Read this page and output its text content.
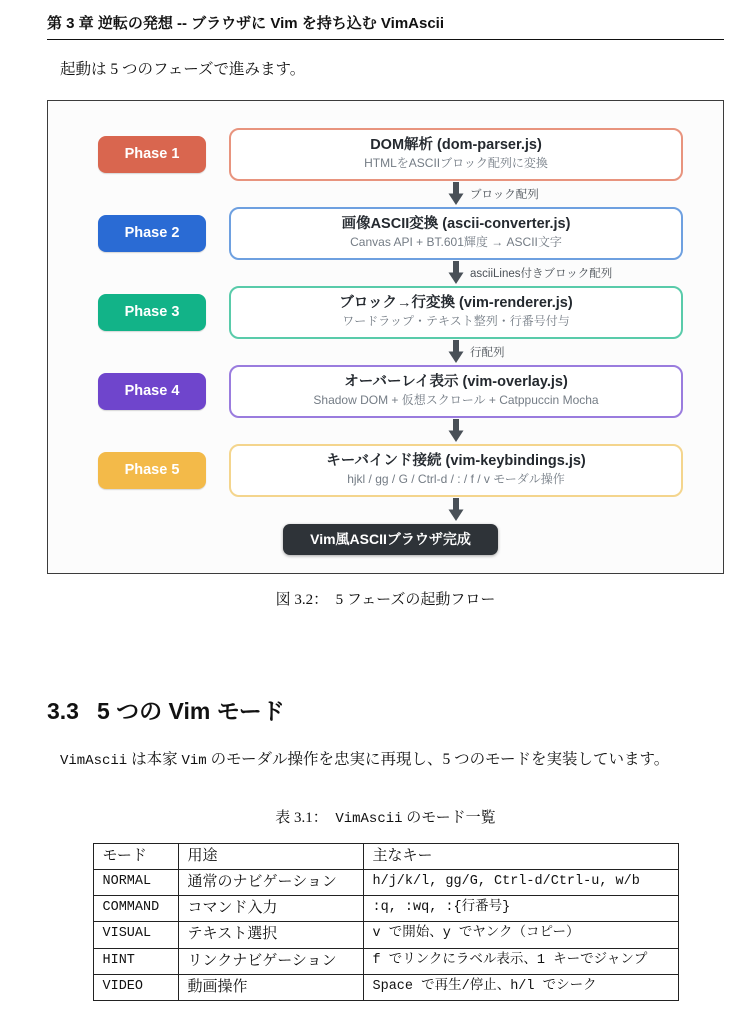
第 3 章 逆転の発想 -- ブラウザに Vim を持ち込む VimAscii

起動は 5 つのフェーズで進みます。

Phase 1
DOM解析 (dom-parser.js)
HTMLをASCIIブロック配列に変換
ブロック配列
Phase 2
画像ASCII変換 (ascii-converter.js)
Canvas API + BT.601輝度 → ASCII文字
asciiLines付きブロック配列
Phase 3
ブロック→行変換 (vim-renderer.js)
ワードラップ・テキスト整列・行番号付与
行配列
Phase 4
オーバーレイ表示 (vim-overlay.js)
Shadow DOM + 仮想スクロール + Catppuccin Mocha
Phase 5
キーバインド接続 (vim-keybindings.js)
hjkl / gg / G / Ctrl-d / : / f / v モーダル操作
Vim風ASCIIブラウザ完成
図 3.2：　5 フェーズの起動フロー
3.3 5 つの Vim モード

VimAscii は本家 Vim のモーダル操作を忠実に再現し、5 つのモードを実装しています。

表 3.1：　VimAscii のモード一覧
モード	用途	主なキー
NORMAL	通常のナビゲーション	h/j/k/l, gg/G, Ctrl-d/Ctrl-u, w/b
COMMAND	コマンド入力	:q, :wq, :{行番号}
VISUAL	テキスト選択	v で開始、y でヤンク（コピー）
HINT	リンクナビゲーション	f でリンクにラベル表示、1 キーでジャンプ
VIDEO	動画操作	Space で再生/停止、h/l でシーク
